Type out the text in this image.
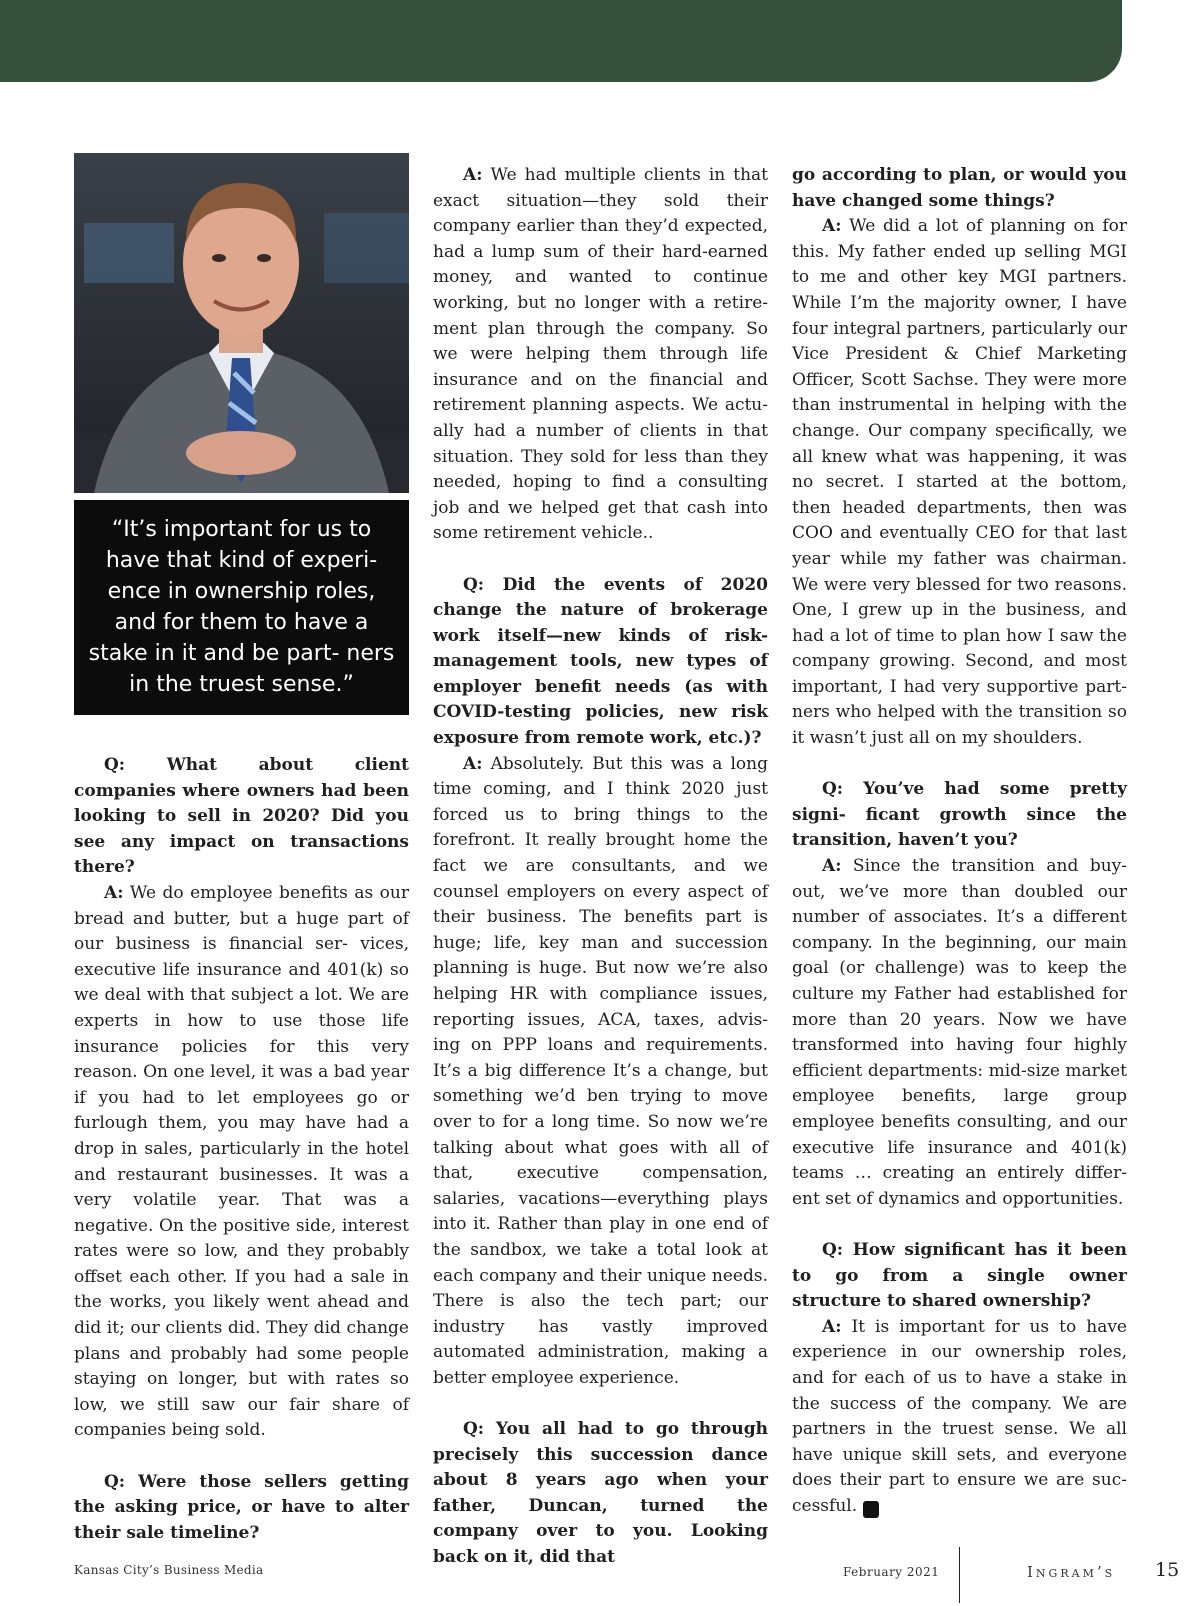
“It’s important for us to have that kind of experi- ence in ownership roles, and for them to have a stake in it and be part- ners in the truest sense.”

Q: What about client companies where owners had been looking to sell in 2020? Did you see any impact on transactions there?

A: We do employee benefits as our bread and butter, but a huge part of our business is financial ser- vices, executive life insurance and 401(k) so we deal with that subject a lot. We are experts in how to use those life insurance policies for this very reason. On one level, it was a bad year if you had to let employees go or furlough them, you may have had a drop in sales, particularly in the hotel and restaurant businesses. It was a very volatile year. That was a negative. On the positive side, interest rates were so low, and they probably offset each other. If you had a sale in the works, you likely went ahead and did it; our clients did. They did change plans and probably had some people staying on longer, but with rates so low, we still saw our fair share of companies being sold.

Q: Were those sellers getting the asking price, or have to alter their sale timeline?

A: We had multiple clients in that exact situation—they sold their company earlier than they’d expected, had a lump sum of their hard-earned money, and wanted to continue working, but no longer with a retire- ment plan through the company. So we were helping them through life insurance and on the financial and retirement planning aspects. We actu- ally had a number of clients in that situation. They sold for less than they needed, hoping to find a consulting job and we helped get that cash into some retirement vehicle..

Q: Did the events of 2020 change the nature of brokerage work itself—new kinds of risk-management tools, new types of employer benefit needs (as with COVID-testing policies, new risk exposure from remote work, etc.)?

A: Absolutely. But this was a long time coming, and I think 2020 just forced us to bring things to the forefront. It really brought home the fact we are consultants, and we counsel employers on every aspect of their business. The benefits part is huge; life, key man and succession planning is huge. But now we’re also helping HR with compliance issues, reporting issues, ACA, taxes, advis- ing on PPP loans and requirements. It’s a big difference It’s a change, but something we’d ben trying to move over to for a long time. So now we’re talking about what goes with all of that, executive compensation, salaries, vacations—everything plays into it. Rather than play in one end of the sandbox, we take a total look at each company and their unique needs. There is also the tech part; our industry has vastly improved automated administration, making a better employee experience.

Q: You all had to go through precisely this succession dance about 8 years ago when your father, Duncan, turned the company over to you. Looking back on it, did that

go according to plan, or would you have changed some things?

A: We did a lot of planning on for this. My father ended up selling MGI to me and other key MGI partners. While I’m the majority owner, I have four integral partners, particularly our Vice President & Chief Marketing Officer, Scott Sachse. They were more than instrumental in helping with the change. Our company specifically, we all knew what was happening, it was no secret. I started at the bottom, then headed departments, then was COO and eventually CEO for that last year while my father was chairman. We were very blessed for two reasons. One, I grew up in the business, and had a lot of time to plan how I saw the company growing. Second, and most important, I had very supportive part- ners who helped with the transition so it wasn’t just all on my shoulders.

Q: You’ve had some pretty signi- ficant growth since the transition, haven’t you?

A: Since the transition and buy- out, we’ve more than doubled our number of associates. It’s a different company. In the beginning, our main goal (or challenge) was to keep the culture my Father had established for more than 20 years. Now we have transformed into having four highly efficient departments: mid-size market employee benefits, large group employee benefits consulting, and our executive life insurance and 401(k) teams … creating an entirely differ- ent set of dynamics and opportunities.

Q: How significant has it been to go from a single owner structure to shared ownership?

A: It is important for us to have experience in our ownership roles, and for each of us to have a stake in the success of the company. We are partners in the truest sense. We all have unique skill sets, and everyone does their part to ensure we are suc- cessful.	I

Kansas City’s Business Media	February 2021	Ingram’s 15
